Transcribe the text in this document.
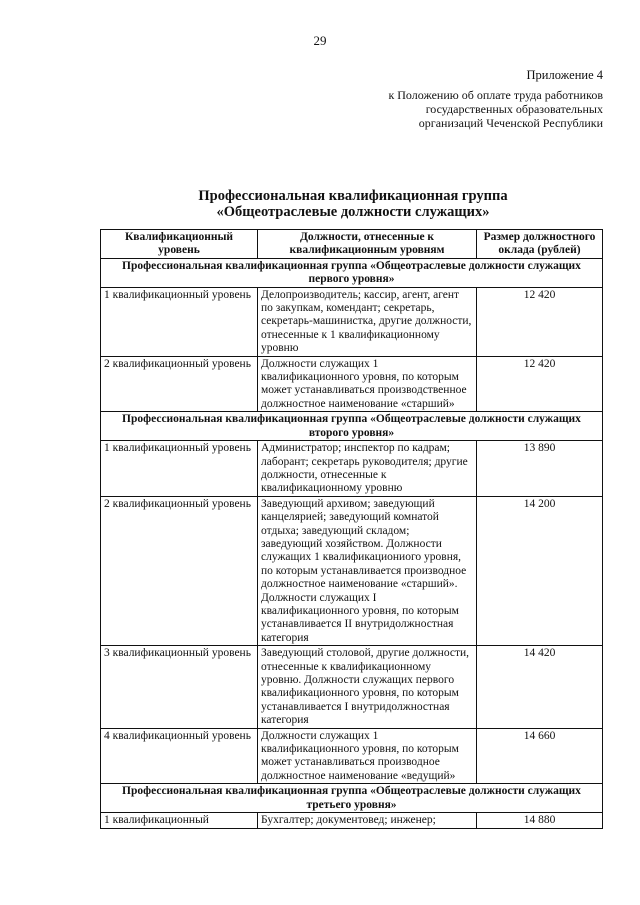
29
Приложение 4
к Положению об оплате труда работников государственных образовательных организаций Чеченской Республики
Профессиональная квалификационная группа
«Общеотраслевые должности служащих»
Квалификационный уровень	Должности, отнесенные к квалификационным уровням	Размер должностного оклада (рублей)
Профессиональная квалификационная группа «Общеотраслевые должности служащих первого уровня»		
1 квалификационный уровень	Делопроизводитель; кассир, агент, агент по закупкам, комендант; секретарь, секретарь-машинистка, другие должности, отнесенные к 1 квалификационному уровню	12 420
2 квалификационный уровень	Должности служащих 1 квалификационного уровня, по которым может устанавливаться производственное должностное наименование «старший»	12 420
Профессиональная квалификационная группа «Общеотраслевые должности служащих второго уровня»		
1 квалификационный уровень	Администратор; инспектор по кадрам; лаборант; секретарь руководителя; другие должности, отнесенные к квалификационному уровню	13 890
2 квалификационный уровень	Заведующий архивом; заведующий канцелярией; заведующий комнатой отдыха; заведующий складом; заведующий хозяйством. Должности служащих 1 квалификациониого уровня, по которым устанавливается производное должностное наименование «старший». Должности служащих I квалификационного уровня, по которым устанавливается II внутридолжностная категория	14 200
3 квалификационный уровень	Заведующий столовой, другие должности, отнесенные к квалификационному уровню. Должности служащих первого квалификационного уровня, по которым устанавливается I внутридолжностная категория	14 420
4 квалификационный уровень	Должности служащих 1 квалификационного уровня, по которым может устанавливаться производное должностное наименование «ведущий»	14 660
Профессиональная квалификационная группа «Общеотраслевые должности служащих третьего уровня»		
1 квалификационный	Бухгалтер; документовед; инженер;	14 880
